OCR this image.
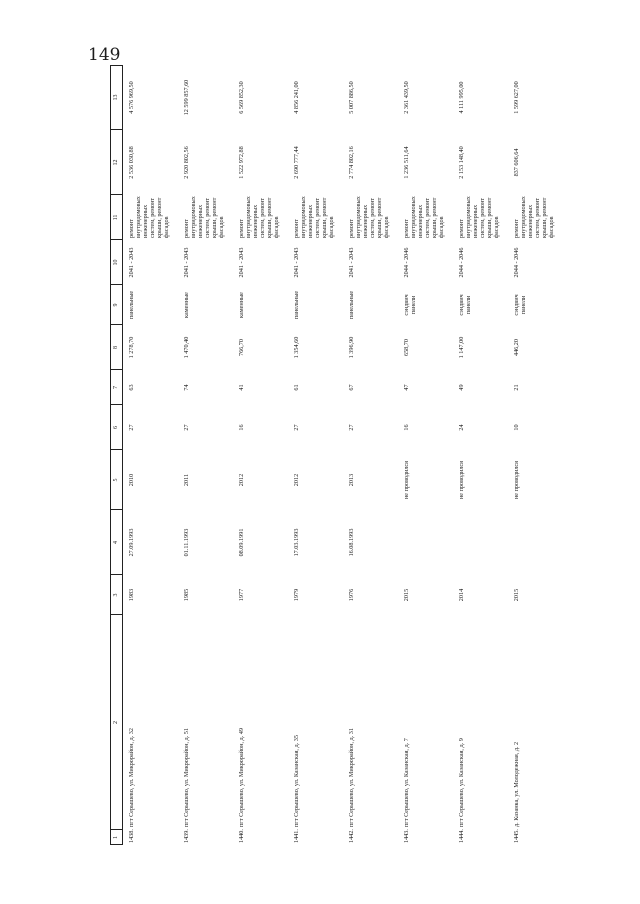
149
1
2
3
4
5
6
7
8
9
10
11
12
13
1438.
пгт Серышево, ул. Микрорайон, д. 32
1983
27.09.1993
2010
27
63
1 278,70
панельные
2041 - 2043
ремонт внутридомовых инженерных систем, ремонт крыши, ремонт фасадов
2 536 030,88
4 576 969,50
1439.
пгт Серышево, ул. Микрорайон, д. 51
1985
01.11.1993
2011
27
74
1 470,40
каменные
2041 - 2043
ремонт внутридомовых инженерных систем, ремонт крыши, ремонт фасадов
2 920 802,56
12 599 857,60
1440.
пгт Серышево, ул. Микрорайон, д. 49
1977
08.09.1991
2012
16
41
766,70
каменные
2041 - 2043
ремонт внутридомовых инженерных систем, ремонт крыши, ремонт фасадов
1 522 972,88
6 569 852,30
1441.
пгт Серышево, ул. Казанская, д. 35
1979
17.03.1993
2012
27
61
1 354,60
панельные
2041 - 2043
ремонт внутридомовых инженерных систем, ремонт крыши, ремонт фасадов
2 690 777,44
4 856 241,00
1442.
пгт Серышево, ул. Микрорайон, д. 31
1976
16.08.1993
2013
27
67
1 396,90
панельные
2041 - 2043
ремонт внутридомовых инженерных систем, ремонт крыши, ремонт фасадов
2 774 802,16
5 007 886,50
1443.
пгт Серышево, ул. Казанская, д. 7
2015
не проводился
16
47
658,70
сэндвич панели
2044 - 2046
ремонт внутридомовых инженерных систем, ремонт крыши, ремонт фасадов
1 236 511,64
2 361 439,50
1444.
пгт Серышево, ул. Казанская, д. 9
2014
не проводился
24
49
1 147,00
сэндвич панели
2044 - 2046
ремонт внутридомовых инженерных систем, ремонт крыши, ремонт фасадов
2 153 148,40
4 111 995,00
1445.
д. Казанка, ул. Молодежная, д. 2
2015
не проводился
10
21
446,20
сэндвич панели
2044 - 2046
ремонт внутридомовых инженерных систем, ремонт крыши, ремонт фасадов
837 606,64
1 599 627,00
